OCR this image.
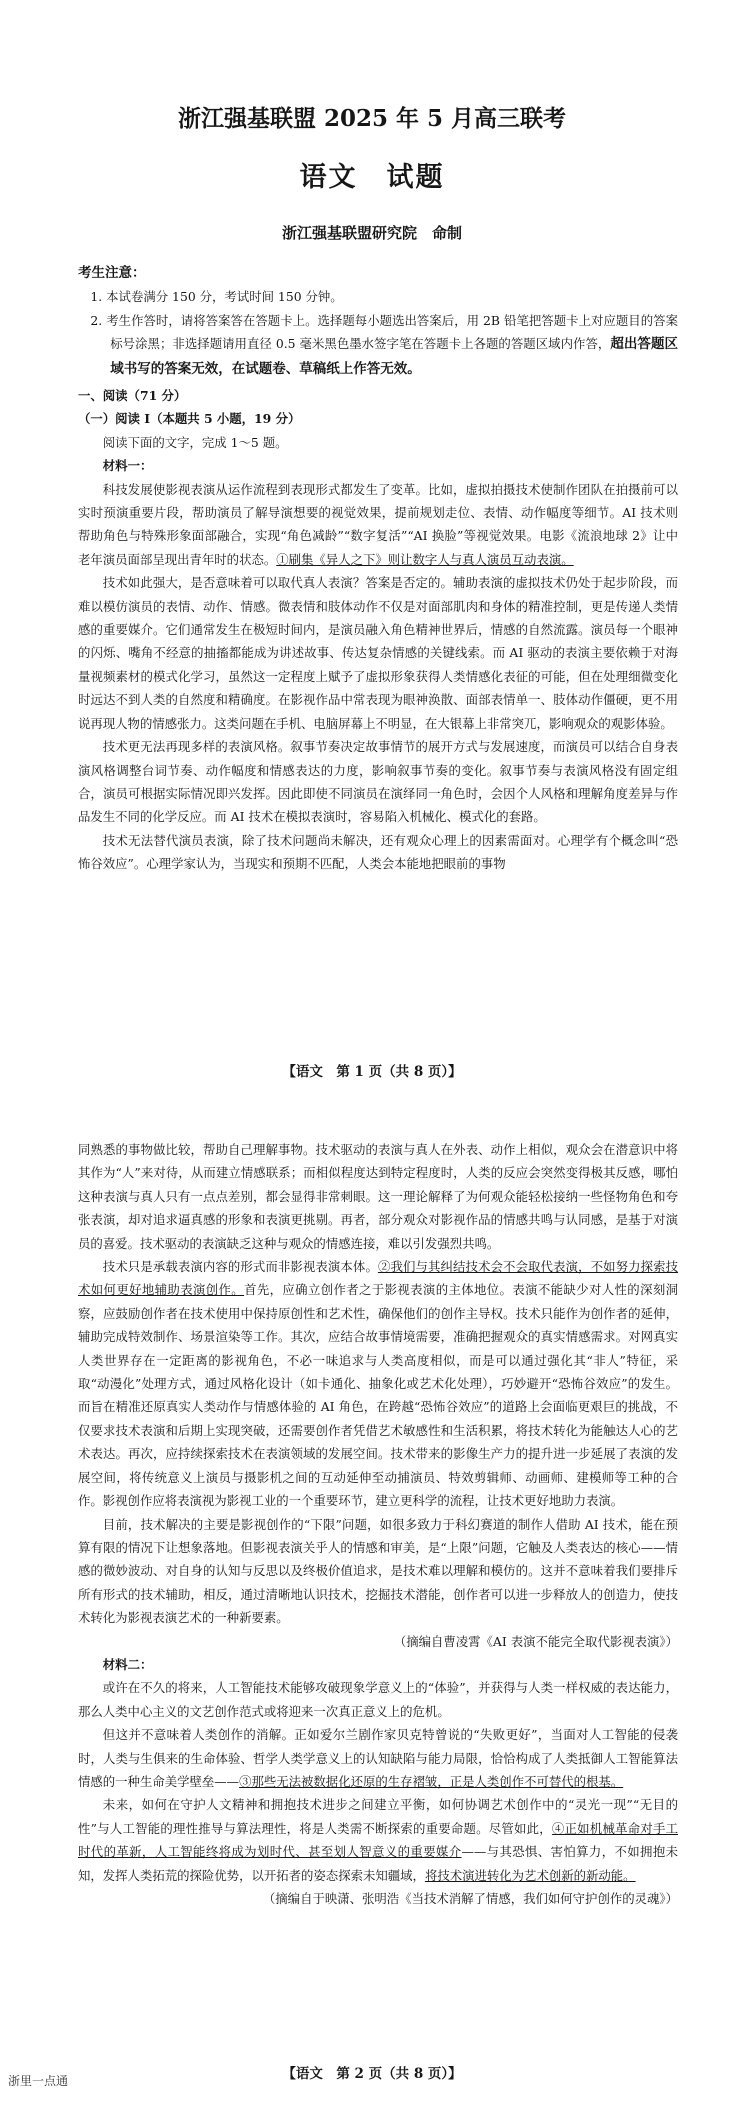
浙江强基联盟 2025 年 5 月高三联考
语文　试题
浙江强基联盟研究院　命制
考生注意：
1. 本试卷满分 150 分，考试时间 150 分钟。
2. 考生作答时，请将答案答在答题卡上。选择题每小题选出答案后，用 2B 铅笔把答题卡上对应题目的答案标号涂黑；非选择题请用直径 0.5 毫米黑色墨水签字笔在答题卡上各题的答题区域内作答，超出答题区域书写的答案无效，在试题卷、草稿纸上作答无效。
一、阅读（71 分）
（一）阅读 Ⅰ（本题共 5 小题，19 分）
阅读下面的文字，完成 1～5 题。
材料一：
科技发展使影视表演从运作流程到表现形式都发生了变革。比如，虚拟拍摄技术使制作团队在拍摄前可以实时预演重要片段，帮助演员了解导演想要的视觉效果，提前规划走位、表情、动作幅度等细节。AI 技术则帮助角色与特殊形象面部融合，实现“角色减龄”“数字复活”“AI 换脸”等视觉效果。电影《流浪地球 2》让中老年演员面部呈现出青年时的状态。①刷集《异人之下》则让数字人与真人演员互动表演。
技术如此强大，是否意味着可以取代真人表演？答案是否定的。辅助表演的虚拟技术仍处于起步阶段，而难以模仿演员的表情、动作、情感。微表情和肢体动作不仅是对面部肌肉和身体的精准控制，更是传递人类情感的重要媒介。它们通常发生在极短时间内，是演员融入角色精神世界后，情感的自然流露。演员每一个眼神的闪烁、嘴角不经意的抽搐都能成为讲述故事、传达复杂情感的关键线索。而 AI 驱动的表演主要依赖于对海量视频素材的模式化学习，虽然这一定程度上赋予了虚拟形象获得人类情感化表征的可能，但在处理细微变化时远达不到人类的自然度和精确度。在影视作品中常表现为眼神涣散、面部表情单一、肢体动作僵硬，更不用说再现人物的情感张力。这类问题在手机、电脑屏幕上不明显，在大银幕上非常突兀，影响观众的观影体验。
技术更无法再现多样的表演风格。叙事节奏决定故事情节的展开方式与发展速度，而演员可以结合自身表演风格调整台词节奏、动作幅度和情感表达的力度，影响叙事节奏的变化。叙事节奏与表演风格没有固定组合，演员可根据实际情况即兴发挥。因此即使不同演员在演绎同一角色时，会因个人风格和理解角度差异与作品发生不同的化学反应。而 AI 技术在模拟表演时，容易陷入机械化、模式化的套路。
技术无法替代演员表演，除了技术问题尚未解决，还有观众心理上的因素需面对。心理学有个概念叫“恐怖谷效应”。心理学家认为，当现实和预期不匹配，人类会本能地把眼前的事物
【语文　第 1 页（共 8 页）】
同熟悉的事物做比较，帮助自己理解事物。技术驱动的表演与真人在外表、动作上相似，观众会在潜意识中将其作为“人”来对待，从而建立情感联系；而相似程度达到特定程度时，人类的反应会突然变得极其反感，哪怕这种表演与真人只有一点点差别，都会显得非常刺眼。这一理论解释了为何观众能轻松接纳一些怪物角色和夸张表演，却对追求逼真感的形象和表演更挑剔。再者，部分观众对影视作品的情感共鸣与认同感，是基于对演员的喜爱。技术驱动的表演缺乏这种与观众的情感连接，难以引发强烈共鸣。
技术只是承载表演内容的形式而非影视表演本体。②我们与其纠结技术会不会取代表演，不如努力探索技术如何更好地辅助表演创作。首先，应确立创作者之于影视表演的主体地位。表演不能缺少对人性的深刻洞察，应鼓励创作者在技术使用中保持原创性和艺术性，确保他们的创作主导权。技术只能作为创作者的延伸，辅助完成特效制作、场景渲染等工作。其次，应结合故事情境需要，准确把握观众的真实情感需求。对网真实人类世界存在一定距离的影视角色，不必一味追求与人类高度相似，而是可以通过强化其“非人”特征，采取“动漫化”处理方式，通过风格化设计（如卡通化、抽象化或艺术化处理），巧妙避开“恐怖谷效应”的发生。而旨在精准还原真实人类动作与情感体验的 AI 角色，在跨越“恐怖谷效应”的道路上会面临更艰巨的挑战，不仅要求技术表演和后期上实现突破，还需要创作者凭借艺术敏感性和生活积累，将技术转化为能触达人心的艺术表达。再次，应持续探索技术在表演领域的发展空间。技术带来的影像生产力的提升进一步延展了表演的发展空间，将传统意义上演员与摄影机之间的互动延伸至动捕演员、特效剪辑师、动画师、建模师等工种的合作。影视创作应将表演视为影视工业的一个重要环节，建立更科学的流程，让技术更好地助力表演。
目前，技术解决的主要是影视创作的“下限”问题，如很多致力于科幻赛道的制作人借助 AI 技术，能在预算有限的情况下让想象落地。但影视表演关乎人的情感和审美，是“上限”问题，它触及人类表达的核心——情感的微妙波动、对自身的认知与反思以及终极价值追求，是技术难以理解和模仿的。这并不意味着我们要排斥所有形式的技术辅助，相反，通过清晰地认识技术，挖掘技术潜能，创作者可以进一步释放人的创造力，使技术转化为影视表演艺术的一种新要素。
（摘编自曹凌霄《AI 表演不能完全取代影视表演》）
材料二：
或许在不久的将来，人工智能技术能够攻破现象学意义上的“体验”，并获得与人类一样权威的表达能力，那么人类中心主义的文艺创作范式或将迎来一次真正意义上的危机。
但这并不意味着人类创作的消解。正如爱尔兰剧作家贝克特曾说的“失败更好”，当面对人工智能的侵袭时，人类与生俱来的生命体验、哲学人类学意义上的认知缺陷与能力局限，恰恰构成了人类抵御人工智能算法情感的一种生命美学壁垒——③那些无法被数据化还原的生存褶皱，正是人类创作不可替代的根基。
未来，如何在守护人文精神和拥抱技术进步之间建立平衡，如何协调艺术创作中的“灵光一现”“无目的性”与人工智能的理性推导与算法理性，将是人类需不断探索的重要命题。尽管如此，④正如机械革命对手工时代的革新，人工智能终将成为划时代、甚至划人智意义的重要媒介——与其恐惧、害怕算力，不如拥抱未知，发挥人类拓荒的探险优势，以开拓者的姿态探索未知疆域，将技术演进转化为艺术创新的新动能。
（摘编自于映潇、张明浩《当技术消解了情感，我们如何守护创作的灵魂》）
【语文　第 2 页（共 8 页）】
浙里一点通
